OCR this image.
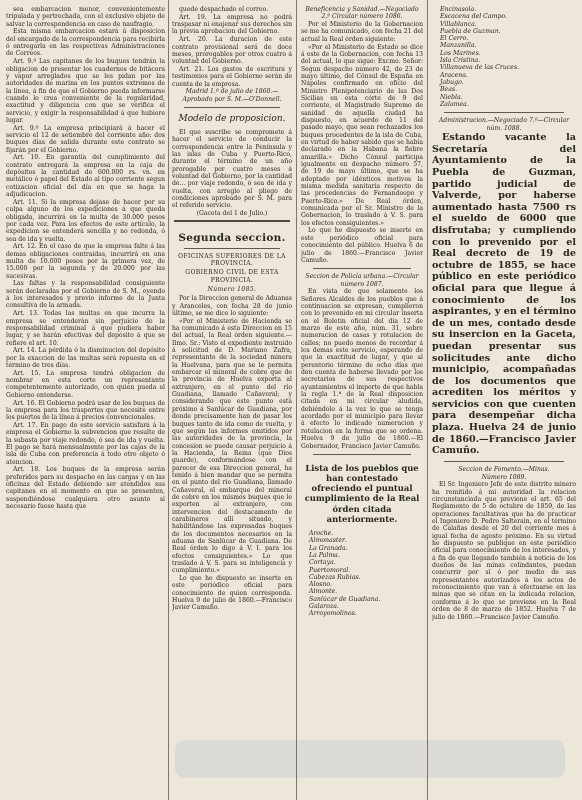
sea embarcacion menor, convenientemente tripulada y pertrechada, con el exclusivo objeto de salvar la correspondencia en caso de naufragio.

Esta misma embarcacion estará á disposicion del encargado de la correspondencia para recibirla ó entregarla en las respectivas Administraciones de Correos.

Art. 9.º Las capitanes de los buques tendrán la obligacion de presentar los cuadernos de bitácora y vapor arreglados que se les pidan por las autoridades de marina en los puntos extremos de la línea, á fin de que el Gobierno pueda informarse cuando lo crea conveniente de la regularidad, exactitud y diligencia con que se verifica el servicio, y exigir la responsabilidad á que hubiere lugar.

Art. 9.º La empresa principiará á hacer el servicio el 12 de setiembre del corriente año: dos buques días de salida durante este contrato se fijarán por el Gobierno.

Art. 10. En garantía del cumplimiento del contrato entregará la empresa en la caja de depósitos la cantidad de 600.000 rs. vn. en metálico ó papel del Estado al tipo corriente segun cotizacion oficial del día en que se haga la adjudicacion.

Art. 11. Si la empresa dejase de hacer por su culpa alguno de los expediciones á que queda obligada, incurrirá en la multa de 30.000 pesos por cada vez. Para los efectos de este artículo, la expedicion se entenderá sencilla y no redonda, ó sea de ida y vuelta.

Art. 12. En el caso de que la empresa falte á las demas obligaciones contraidas, incurrirá en una multa de 10.000 pesos por la primera vez, de 15.000 por la segunda y de 20.000 por las sucesivas.

Las faltas y la responsabilidad consiguiente serán declaradas por el Gobierno de S. M., oyendo á los interesados y previo informe de la Junta consultiva de la armada.

Art. 13. Todas las multas en que incurra la empresa se entenderán sin perjuicio de la responsabilidad criminal á que pudiera haber lugar, y se harán efectivas del depósito á que se refiere el art. 10.

Art. 14. La pérdida ó la disminucion del depósito por la exaccion de las multas será repuesta en el término de tres días.

Art. 15. La empresa tendrá obligacion de nombrar en esta corte un representante competentemente autorizado, con quien pueda el Gobierno entenderse.

Art. 16. El Gobierno podrá usar de los buques de la empresa para los trasportes que necesite entre los puertos de la línea á precios convencionales.

Art. 17. En pago de este servicio satisfará á la empresa el Gobierno la subvencion que resulte de la subasta por viaje redondo, ó sea de ida y vuelta. El pago se hará mensualmente por las cajas de la isla de Cuba con preferencia á todo otro objeto ó atencion.

Art. 18. Los buques de la empresa serán preferidos para su despacho en las cargas y en las oficinas del Estado debiendo ser atendidos sus capitanes en el momento en que se presenten, suspendiéndose cualquiera otro asunto si necesario fuese hasta que

quede despachado el correo.

Art. 19. La empresa no podrá traspasar ni enajenar sus derechos sin la prévia aprobacion del Gobierno.

Art. 20. La duracion de este contrato provisional será de doce meses, prorogables por otros cuatro á voluntad del Gobierno.

Art. 21. Los gastos de escritura y testimonios para el Gobierno serán de cuenta de la empresa.

Madrid 1.º de julio de 1860.—Aprobado por S. M.—O'Donnell.

Modelo de proposicion.

El que suscribe se compromete á hacer el servicio de conducir la correspondencia entre la Península y las islas de Cuba y Puerto-Rico, durante el término de un año prorogable por cuatro meses á voluntad del Gobierno, por la cantidad de... por viaje redondo, ó sea de ida y vuelta, con arreglo al pliego de condiciones aprobado por S. M. para el referido servicio.

(Gaceta del 1 de Julio.)

Segunda seccion.
OFICINAS SUPERIORES DE LA PROVINCIA.
GOBIERNO CIVIL DE ESTA PROVINCIA.
Número 1085.

Por la Direccion general de Aduanas y Aranceles, con fecha 28 de junio último, se me dice lo siguiente:

«Por el Ministerio de Hacienda se ha comunicado á esta Direccion en 15 del actual, la Real órden siguiente.— Ilmo. Sr.: Visto el expediente instruido á solicitud de D. Mariano Zafra, representante de la sociedad minera la Huelvana, para que se le permita embarcar el mineral de cobre que de la provincia de Huelva exporta al extranjero, en el punto del río Guadiana, llamado Cañaveral; y considerando que este punto está próximo á Sanlúcar de Guadiana, por donde precisamente han de pasar los buques tanto de ida como de vuelta, y que según las informes emitidos por las autoridades de la provincia, la concesion se puede causar perjuicio á la Hacienda, la Reina (que Dios guarde), conformándose con el parecer de esa Direccion general, ha tenido á bien mandar que se permita en el punto del río Guadiana, llamado Cañaveral, el embarque del mineral de cobre en los mismos buques que le exporten al extranjero, con intervencion del destacamento de carabineros allí situado, y habilitándose las expresadas buques de los documentos necesarios en la aduana de Sanlúcar de Guadiana. De Real órden lo digo á V. I. para los efectos consiguientes.» Lo que traslado á V. S. para su inteligencia y cumplimiento.»

Lo que he dispuesto se inserte en este periódico oficial para conocimiento de quien corresponda. Huelva 9 de julio de 1860.—Francisco Javier Camuño.

Beneficencia y Sanidad.—Negociado 2.º Circular número 1086.

Por el Ministerio de la Gobernacion se me ha comunicado, con fecha 21 del actual la Real órden siguiente:

«Por el Ministerio de Estado se dice á este de la Gobernacion, con fecha 13 del actual, lo que sigue: Excmo. Señor: Segun despacho número 42, de 23 de mayo último, del Cónsul de España en Nápoles confirmado en oficio del Ministro Plenipotenciario de las Dos Sicilias en esta córte de 9 del corriente, el Magistrado Supremo de sanidad de aquella ciudad ha dispuesto, en acuerdo de 11 del pasado mayo, que sean rechazados los buques procedentes de la isla de Cuba, en virtud de haber sabido que se había declarado en la Habana la fiebre amarilla.» Dicho Cónsul participa igualmente en despacho número 57, de 19 de mayo último, que se ha adoptado por idénticos motivos la misma medida sanitaria respecto de las procedencias de Fernandoopo y Puerto-Rico.» De Real órden, comunicada por el Sr. Ministro de la Gobernacion, lo traslado á V. S. para los efectos consiguientes.»

Lo que he dispuesto se inserte en este periódico oficial para conocimiento del público. Huelva 6 de julio de 1860.—Francisco Javier Camuño.

Seccion de Policía urbana.—Circular número 1087.

En vista de que solamente los Señores Alcaldes de los pueblos que á continuacion se expresan, cumplieron con lo prevenido en mi circular inserta en el Boletin oficial del día 12 de marzo de este año, núm. 31, sobre numeracion de casas y rotulacion de calles; no puedo menos de recordar á los demas este servicio, esperando de que la exactitud de lugar, y que al perentorio término de ocho días que den cuenta de haberse llevado por los secretarios de sus respectivos ayuntamientos el importe de que habla la regla 1.ª de la Real disposicion citada en mi circular aludida, debiéndolo á la vez lo que se tenga acordado por el municipio para llevar á efecto lo indicado numeracion y rotulacion en la forma que se ordena. Huelva 9 de julio de 1860.—El Gobernador, Francisco Javier Camuño.

Lista de los pueblos que han contestado ofreciendo el puntual cumplimiento de la Real órden citada anteriormente.
Aroche.
Almonaster.
La Granada.
La Palma.
Cortaya.
Puertomoral.
Cabezas Rubias.
Alosno.
Almonte.
Sanlúcar de Guadiana.
Galaroza.
Arroyomolinos.
Encinasola.
Escacena del Campo.
Villablanca.
Puebla de Guzman.
El Cerro.
Manzanilla.
Los Marines.
Isla Cristina.
Villanueva de las Cruces.
Aracena.
Jabugo.
Beas.
Niebla.
Zalamea.

Administracion.—Negociado 7.º—Circular núm. 1088.

Estando vacante la Secretaría del Ayuntamiento de la Puebla de Guzman, partido judicial de Valverde, por haberse aumentado hasta 7500 rs el sueldo de 6000 que disfrutaba; y cumpliendo con lo prevenido por el Real decreto de 19 de octubre de 1855, se hace público en este periódico oficial para que llegue á conocimiento de los aspirantes, y en el término de un mes, contado desde su insercion en la Gaceta, puedan presentar sus solicitudes ante dicho municipio, acompañadas de los documentos que acrediten los méritos y servicios con que cuenten para desempeñar dicha plaza. Huelva 24 de junio de 1860.—Francisco Javier Camuño.

Seccion de Fomento.—Minas.

Número 1089.

El Sr. Ingeniero Jefe de este distrito minero ha remitido á mi autoridad la relacion circunstanciada que previene el art. 65 del Reglamento de 5 de octubre de 1859, de las operaciones facultativas que ha de practicar el Ingeniero D. Pedro Salterain, en el término de Calañas desde el 20 del corriente mes á igual fecha de agosto próximo. En su virtud he dispuesto se publique en este periódico oficial para conocimiento de los interesados, y á fin de que llegando también á noticia de los dueños de las minas colindantes, puedan concurrir por sí ó por medio de sus representantes autorizados á los actos de reconocimiento que van á efectuarse en las minas que se citan en la indicada relacion, conforme á lo que se previene en la Real órden de 8 de marzo de 1852. Huelva 7 de julio de 1860.—Francisco Javier Camuño.
